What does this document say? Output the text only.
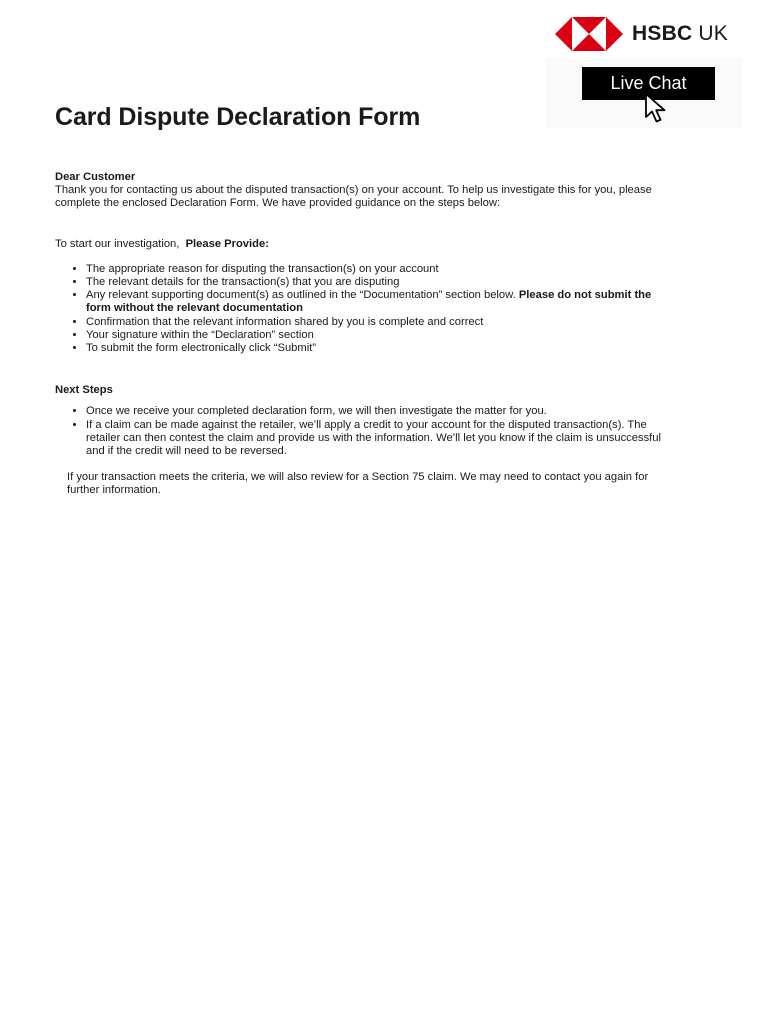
HSBC UK
Live Chat
Card Dispute Declaration Form

Dear Customer

Thank you for contacting us about the disputed transaction(s) on your account. To help us investigate this for you, please complete the enclosed Declaration Form. We have provided guidance on the steps below:

To start our investigation, Please Provide:

• The appropriate reason for disputing the transaction(s) on your account
• The relevant details for the transaction(s) that you are disputing
• Any relevant supporting document(s) as outlined in the “Documentation” section below. Please do not submit the form without the relevant documentation
• Confirmation that the relevant information shared by you is complete and correct
• Your signature within the “Declaration” section
• To submit the form electronically click “Submit”

Next Steps

• Once we receive your completed declaration form, we will then investigate the matter for you.
• If a claim can be made against the retailer, we’ll apply a credit to your account for the disputed transaction(s). The retailer can then contest the claim and provide us with the information. We’ll let you know if the claim is unsuccessful and if the credit will need to be reversed.

If your transaction meets the criteria, we will also review for a Section 75 claim. We may need to contact you again for further information.
